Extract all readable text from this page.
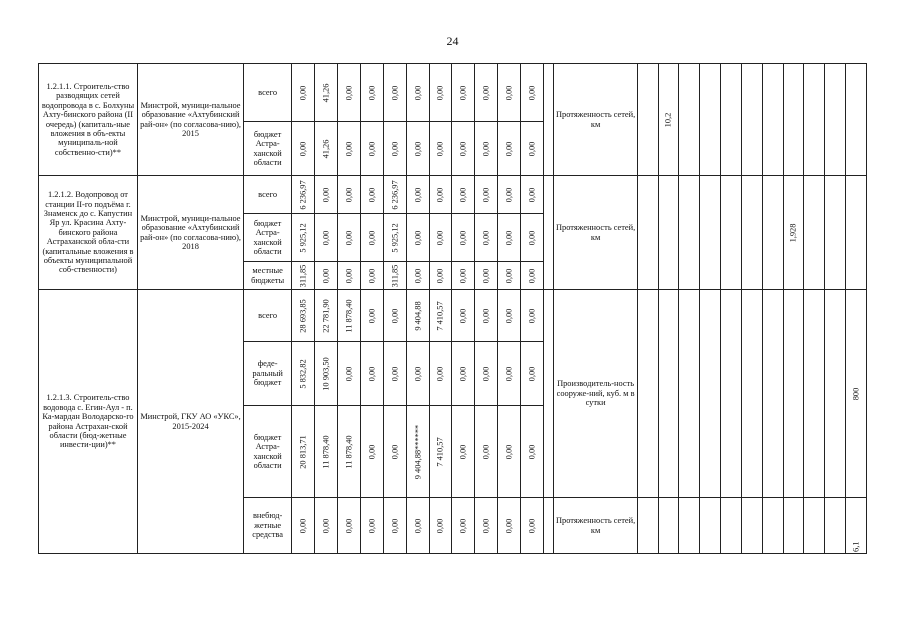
24
1.2.1.1. Строитель-ство разводящих сетей водопровода в с. Болхуны Ахту-бинского района (II очередь) (капиталь-ные вложения в объ-екты муниципаль-ной собственно-сти)**	Минстрой, муници-пальное образование «Ахтубинский рай-он» (по согласова-нию), 2015	всего	0,00	41,26	0,00	0,00	0,00	0,00	0,00	0,00	0,00	0,00	0,00		Протяженность сетей, км		10,2									

		бюджет Астра-ханской области	0,00	41,26	0,00	0,00	0,00	0,00	0,00	0,00	0,00	0,00	0,00													

1.2.1.2. Водопровод от станции II-го подъёма г. Знаменск до с. Капустин Яр ул. Красина Ахту-бинского района Астраханской обла-сти (капитальные вложения в объекты муниципальной соб-ственности)	Минстрой, муници-пальное образование «Ахтубинский рай-он» (по согласова-нию), 2018	всего	6 236,97	0,00	0,00	0,00	6 236,97	0,00	0,00	0,00	0,00	0,00	0,00		Протяженность сетей, км								1,928			

		бюджет Астра-ханской области	5 925,12	0,00	0,00	0,00	5 925,12	0,00	0,00	0,00	0,00	0,00	0,00													

		местные бюджеты	311,85	0,00	0,00	0,00	311,85	0,00	0,00	0,00	0,00	0,00	0,00													

1.2.1.3. Строитель-ство водовода с. Егин-Аул - п. Ка-мардан Володарско-го района Астрахан-ской области (бюд-жетные инвести-ции)**	Минстрой, ГКУ АО «УКС», 2015-2024	всего	28 693,85	22 781,90	11 878,40	0,00	0,00	9 404,88	7 410,57	0,00	0,00	0,00	0,00		Производитель-ность сооруже-ний, куб. м в сутки											800

		феде-ральный бюджет	5 832,82	10 903,50	0,00	0,00	0,00	0,00	0,00	0,00	0,00	0,00	0,00													

		бюджет Астра-ханской области	20 813,71	11 878,40	11 878,40	0,00	0,00	9 404,88******	7 410,57	0,00	0,00	0,00	0,00													

		внебюд-жетные средства	0,00	0,00	0,00	0,00	0,00	0,00	0,00	0,00	0,00	0,00	0,00		Протяженность сетей, км											6,1
